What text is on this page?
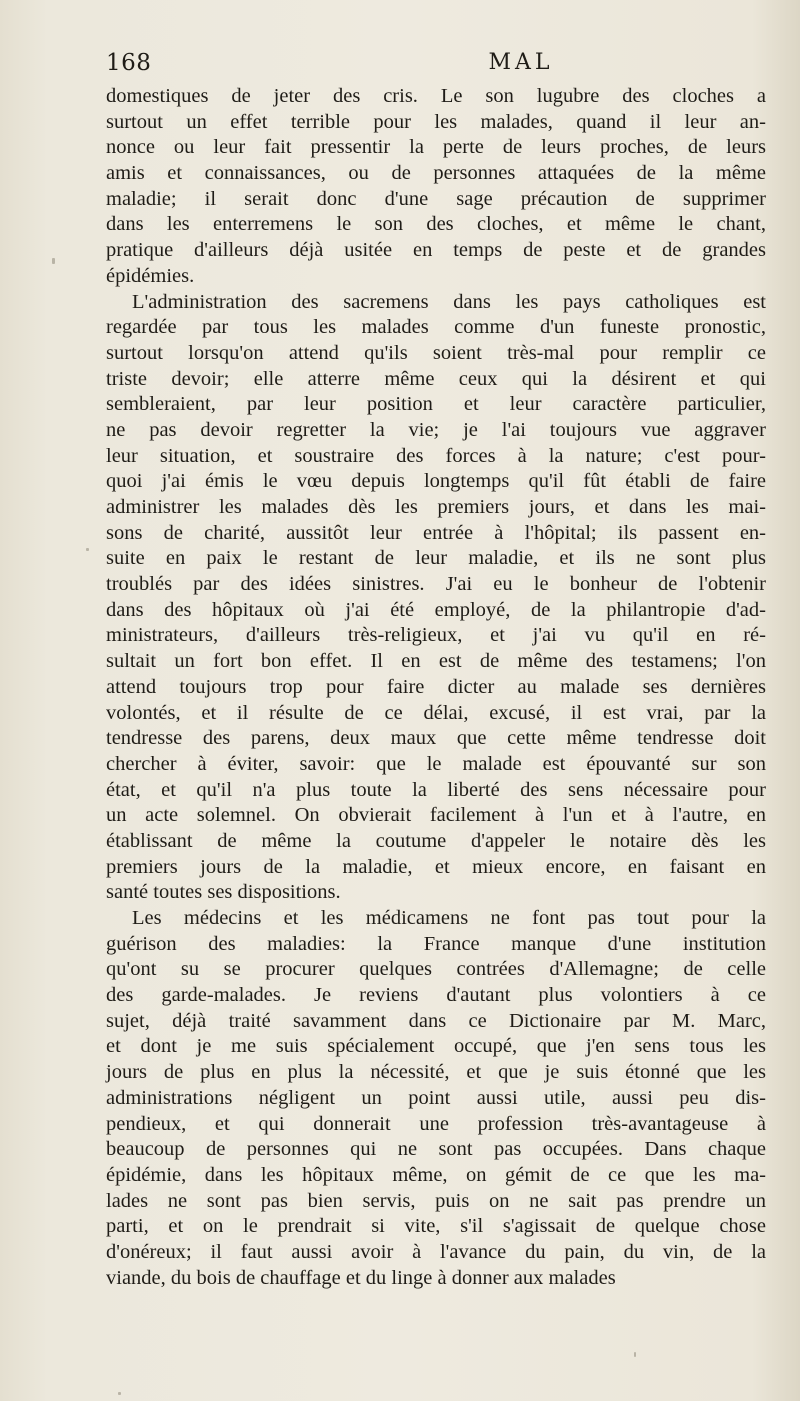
168	MAL
domestiques de jeter des cris. Le son lugubre des cloches a
surtout un effet terrible pour les malades, quand il leur an-
nonce ou leur fait pressentir la perte de leurs proches, de leurs
amis et connaissances, ou de personnes attaquées de la même
maladie; il serait donc d'une sage précaution de supprimer
dans les enterremens le son des cloches, et même le chant,
pratique d'ailleurs déjà usitée en temps de peste et de grandes
épidémies.
L'administration des sacremens dans les pays catholiques est
regardée par tous les malades comme d'un funeste pronostic,
surtout lorsqu'on attend qu'ils soient très-mal pour remplir ce
triste devoir; elle atterre même ceux qui la désirent et qui
sembleraient, par leur position et leur caractère particulier,
ne pas devoir regretter la vie; je l'ai toujours vue aggraver
leur situation, et soustraire des forces à la nature; c'est pour-
quoi j'ai émis le vœu depuis longtemps qu'il fût établi de faire
administrer les malades dès les premiers jours, et dans les mai-
sons de charité, aussitôt leur entrée à l'hôpital; ils passent en-
suite en paix le restant de leur maladie, et ils ne sont plus
troublés par des idées sinistres. J'ai eu le bonheur de l'obtenir
dans des hôpitaux où j'ai été employé, de la philantropie d'ad-
ministrateurs, d'ailleurs très-religieux, et j'ai vu qu'il en ré-
sultait un fort bon effet. Il en est de même des testamens; l'on
attend toujours trop pour faire dicter au malade ses dernières
volontés, et il résulte de ce délai, excusé, il est vrai, par la
tendresse des parens, deux maux que cette même tendresse doit
chercher à éviter, savoir: que le malade est épouvanté sur son
état, et qu'il n'a plus toute la liberté des sens nécessaire pour
un acte solemnel. On obvierait facilement à l'un et à l'autre, en
établissant de même la coutume d'appeler le notaire dès les
premiers jours de la maladie, et mieux encore, en faisant en
santé toutes ses dispositions.
Les médecins et les médicamens ne font pas tout pour la
guérison des maladies: la France manque d'une institution
qu'ont su se procurer quelques contrées d'Allemagne; de celle
des garde-malades. Je reviens d'autant plus volontiers à ce
sujet, déjà traité savamment dans ce Dictionaire par M. Marc,
et dont je me suis spécialement occupé, que j'en sens tous les
jours de plus en plus la nécessité, et que je suis étonné que les
administrations négligent un point aussi utile, aussi peu dis-
pendieux, et qui donnerait une profession très-avantageuse à
beaucoup de personnes qui ne sont pas occupées. Dans chaque
épidémie, dans les hôpitaux même, on gémit de ce que les ma-
lades ne sont pas bien servis, puis on ne sait pas prendre un
parti, et on le prendrait si vite, s'il s'agissait de quelque chose
d'onéreux; il faut aussi avoir à l'avance du pain, du vin, de la
viande, du bois de chauffage et du linge à donner aux malades
